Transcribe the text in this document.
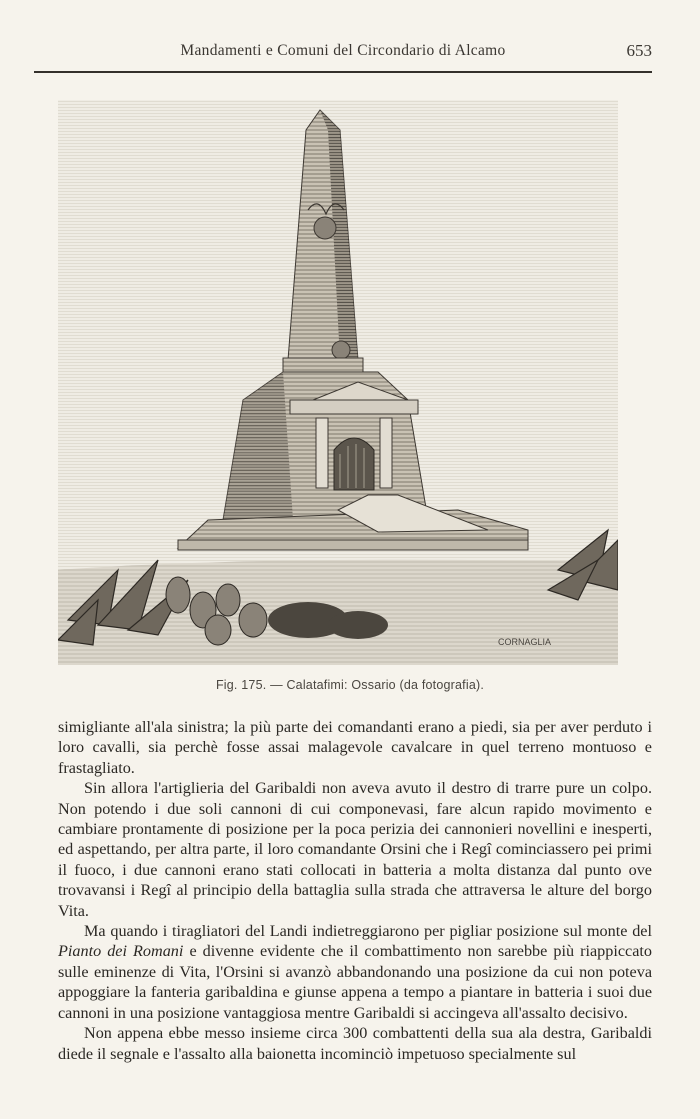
Mandamenti e Comuni del Circondario di Alcamo	653
CORNAGLIA
Fig. 175. — Calatafimi: Ossario (da fotografia).

simigliante all'ala sinistra; la più parte dei comandanti erano a piedi, sia per aver perduto i loro cavalli, sia perchè fosse assai malagevole cavalcare in quel terreno montuoso e frastagliato.

Sin allora l'artiglieria del Garibaldi non aveva avuto il destro di trarre pure un colpo. Non potendo i due soli cannoni di cui componevasi, fare alcun rapido movimento e cambiare prontamente di posizione per la poca perizia dei cannonieri novellini e inesperti, ed aspettando, per altra parte, il loro comandante Orsini che i Regî cominciassero pei primi il fuoco, i due cannoni erano stati collocati in batteria a molta distanza dal punto ove trovavansi i Regî al principio della battaglia sulla strada che attraversa le alture del borgo Vita.

Ma quando i tiragliatori del Landi indietreggiarono per pigliar posizione sul monte del Pianto dei Romani e divenne evidente che il combattimento non sarebbe più riappiccato sulle eminenze di Vita, l'Orsini si avanzò abbandonando una posizione da cui non poteva appoggiare la fanteria garibaldina e giunse appena a tempo a piantare in batteria i suoi due cannoni in una posizione vantaggiosa mentre Garibaldi si accingeva all'assalto decisivo.

Non appena ebbe messo insieme circa 300 combattenti della sua ala destra, Garibaldi diede il segnale e l'assalto alla baionetta incominciò impetuoso specialmente sul
